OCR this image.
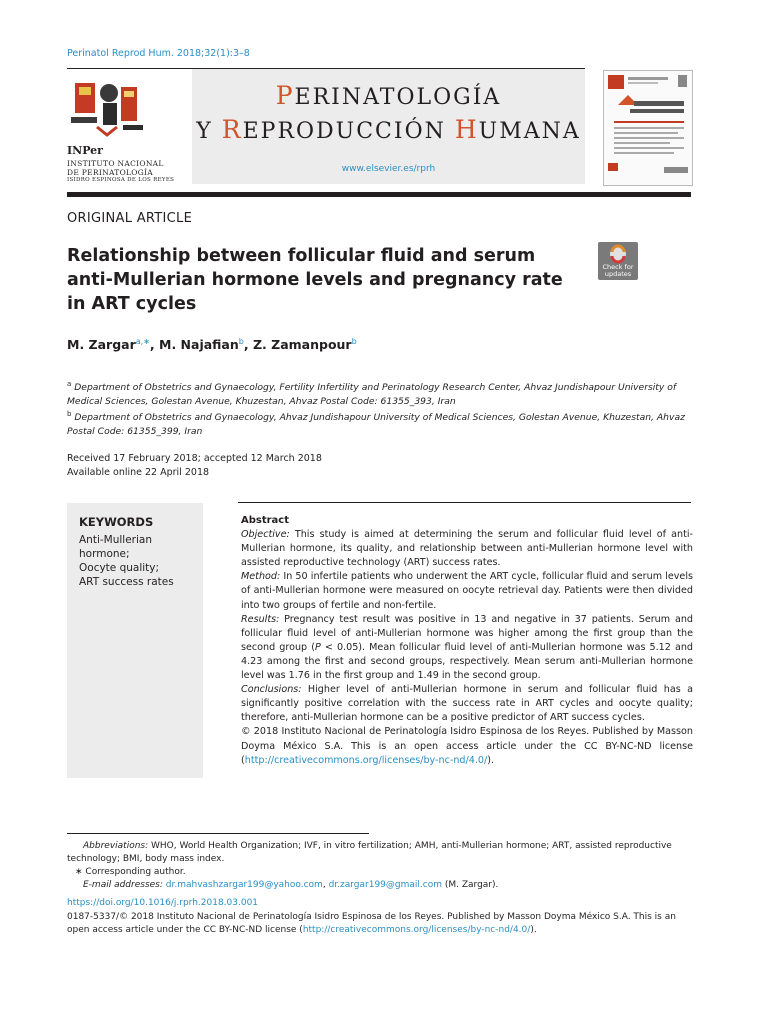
Perinatol Reprod Hum. 2018;32(1):3–8
INPer
INSTITUTO NACIONAL
DE PERINATOLOGÍA
ISIDRO ESPINOSA DE LOS REYES
PERINATOLOGÍA
Y REPRODUCCIÓN HUMANA
www.elsevier.es/rprh
ORIGINAL ARTICLE
Relationship between follicular fluid and serum anti-Mullerian hormone levels and pregnancy rate in ART cycles
Check for
updates
M. Zargar$^{a,∗}$, M. Najafian$^b$, Z. Zamanpour$^b$
$^a$ Department of Obstetrics and Gynaecology, Fertility Infertility and Perinatology Research Center, Ahvaz Jundishapour University of Medical Sciences, Golestan Avenue, Khuzestan, Ahvaz Postal Code: 61355_393, Iran
$^b$ Department of Obstetrics and Gynaecology, Ahvaz Jundishapour University of Medical Sciences, Golestan Avenue, Khuzestan, Ahvaz Postal Code: 61355_399, Iran
Received 17 February 2018; accepted 12 March 2018
Available online 22 April 2018
KEYWORDS
Anti-Mullerian
hormone;
Oocyte quality;
ART success rates
Abstract
Objective: This study is aimed at determining the serum and follicular fluid level of anti-Mullerian hormone, its quality, and relationship between anti-Mullerian hormone level with assisted reproductive technology (ART) success rates.
Method: In 50 infertile patients who underwent the ART cycle, follicular fluid and serum levels of anti-Mullerian hormone were measured on oocyte retrieval day. Patients were then divided into two groups of fertile and non-fertile.
Results: Pregnancy test result was positive in 13 and negative in 37 patients. Serum and follicular fluid level of anti-Mullerian hormone was higher among the first group than the second group (P < 0.05). Mean follicular fluid level of anti-Mullerian hormone was 5.12 and 4.23 among the first and second groups, respectively. Mean serum anti-Mullerian hormone level was 1.76 in the first group and 1.49 in the second group.
Conclusions: Higher level of anti-Mullerian hormone in serum and follicular fluid has a significantly positive correlation with the success rate in ART cycles and oocyte quality; therefore, anti-Mullerian hormone can be a positive predictor of ART success cycles.
© 2018 Instituto Nacional de Perinatología Isidro Espinosa de los Reyes. Published by Masson Doyma México S.A. This is an open access article under the CC BY-NC-ND license (http://creativecommons.org/licenses/by-nc-nd/4.0/).
Abbreviations: WHO, World Health Organization; IVF, in vitro fertilization; AMH, anti-Mullerian hormone; ART, assisted reproductive technology; BMI, body mass index.
∗ Corresponding author.
E-mail addresses: dr.mahvashzargar199@yahoo.com, dr.zargar199@gmail.com (M. Zargar).
https://doi.org/10.1016/j.rprh.2018.03.001
0187-5337/© 2018 Instituto Nacional de Perinatología Isidro Espinosa de los Reyes. Published by Masson Doyma México S.A. This is an open access article under the CC BY-NC-ND license (http://creativecommons.org/licenses/by-nc-nd/4.0/).
